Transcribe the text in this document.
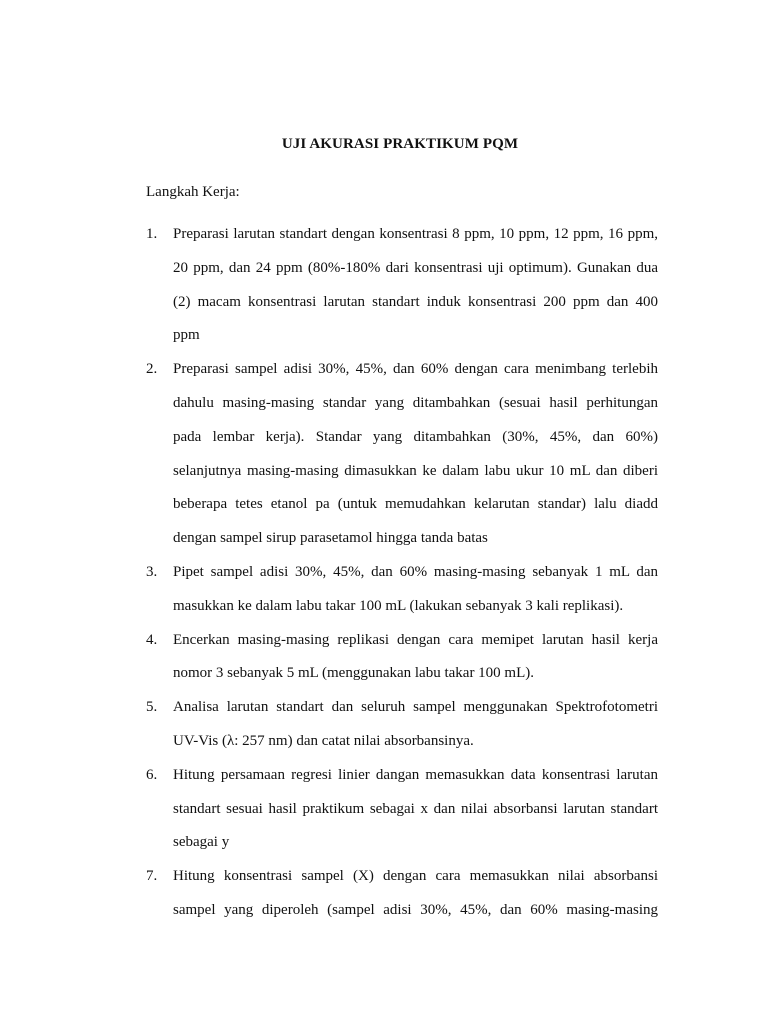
UJI AKURASI PRAKTIKUM PQM
Langkah Kerja:
1. Preparasi larutan standart dengan konsentrasi 8 ppm, 10 ppm, 12 ppm, 16 ppm,
20 ppm, dan 24 ppm (80%-180% dari konsentrasi uji optimum). Gunakan dua
(2) macam konsentrasi larutan standart induk konsentrasi 200 ppm dan 400
ppm
2. Preparasi sampel adisi 30%, 45%, dan 60% dengan cara menimbang terlebih
dahulu masing-masing standar yang ditambahkan (sesuai hasil perhitungan
pada lembar kerja). Standar yang ditambahkan (30%, 45%, dan 60%)
selanjutnya masing-masing dimasukkan ke dalam labu ukur 10 mL dan diberi
beberapa tetes etanol pa (untuk memudahkan kelarutan standar) lalu diadd
dengan sampel sirup parasetamol hingga tanda batas
3. Pipet sampel adisi 30%, 45%, dan 60% masing-masing sebanyak 1 mL dan
masukkan ke dalam labu takar 100 mL (lakukan sebanyak 3 kali replikasi).
4. Encerkan masing-masing replikasi dengan cara memipet larutan hasil kerja
nomor 3 sebanyak 5 mL (menggunakan labu takar 100 mL).
5. Analisa larutan standart dan seluruh sampel menggunakan Spektrofotometri
UV-Vis (λ: 257 nm) dan catat nilai absorbansinya.
6. Hitung persamaan regresi linier dangan memasukkan data konsentrasi larutan
standart sesuai hasil praktikum sebagai x dan nilai absorbansi larutan standart
sebagai y
7. Hitung konsentrasi sampel (X) dengan cara memasukkan nilai absorbansi
sampel yang diperoleh (sampel adisi 30%, 45%, dan 60% masing-masing
